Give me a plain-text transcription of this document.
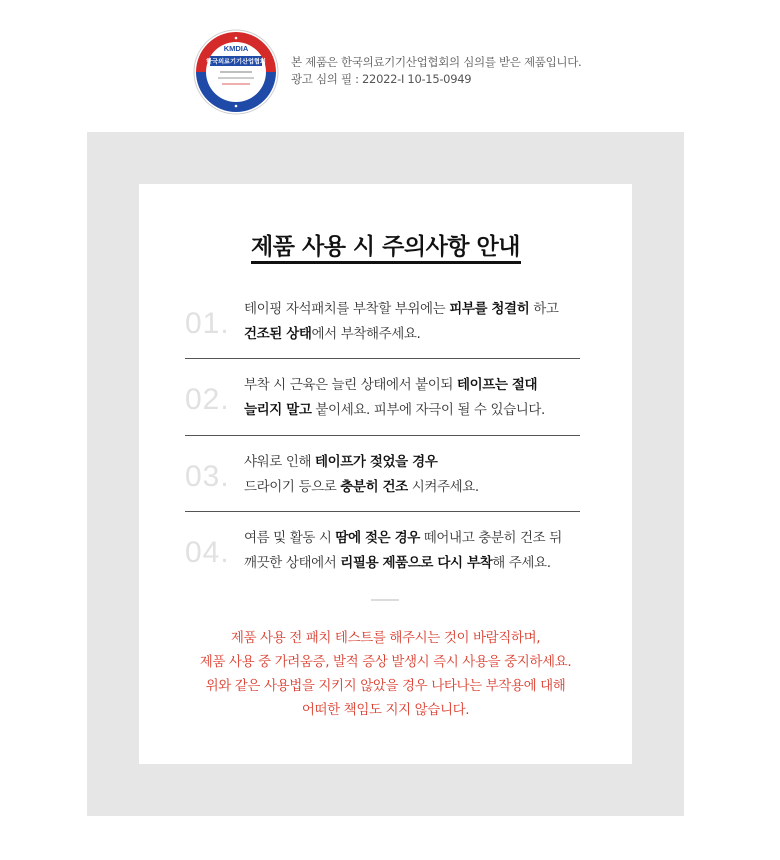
KMDIA
한국의료기기산업협회 본 제품은 한국의료기기산업협회의 심의를 받은 제품입니다.
광고 심의 필 : 22022-I 10-15-0949
제품 사용 시 주의사항 안내
01. 테이핑 자석패치를 부착할 부위에는 피부를 청결히 하고
건조된 상태에서 부착해주세요.
02. 부착 시 근육은 늘린 상태에서 붙이되 테이프는 절대
늘리지 말고 붙이세요. 피부에 자극이 될 수 있습니다.
03. 샤워로 인해 테이프가 젖었을 경우
드라이기 등으로 충분히 건조 시켜주세요.
04. 여름 및 활동 시 땀에 젖은 경우 떼어내고 충분히 건조 뒤
깨끗한 상태에서 리필용 제품으로 다시 부착해 주세요.
제품 사용 전 패치 테스트를 해주시는 것이 바람직하며,
제품 사용 중 가려움증, 발적 증상 발생시 즉시 사용을 중지하세요.
위와 같은 사용법을 지키지 않았을 경우 나타나는 부작용에 대해
어떠한 책임도 지지 않습니다.
